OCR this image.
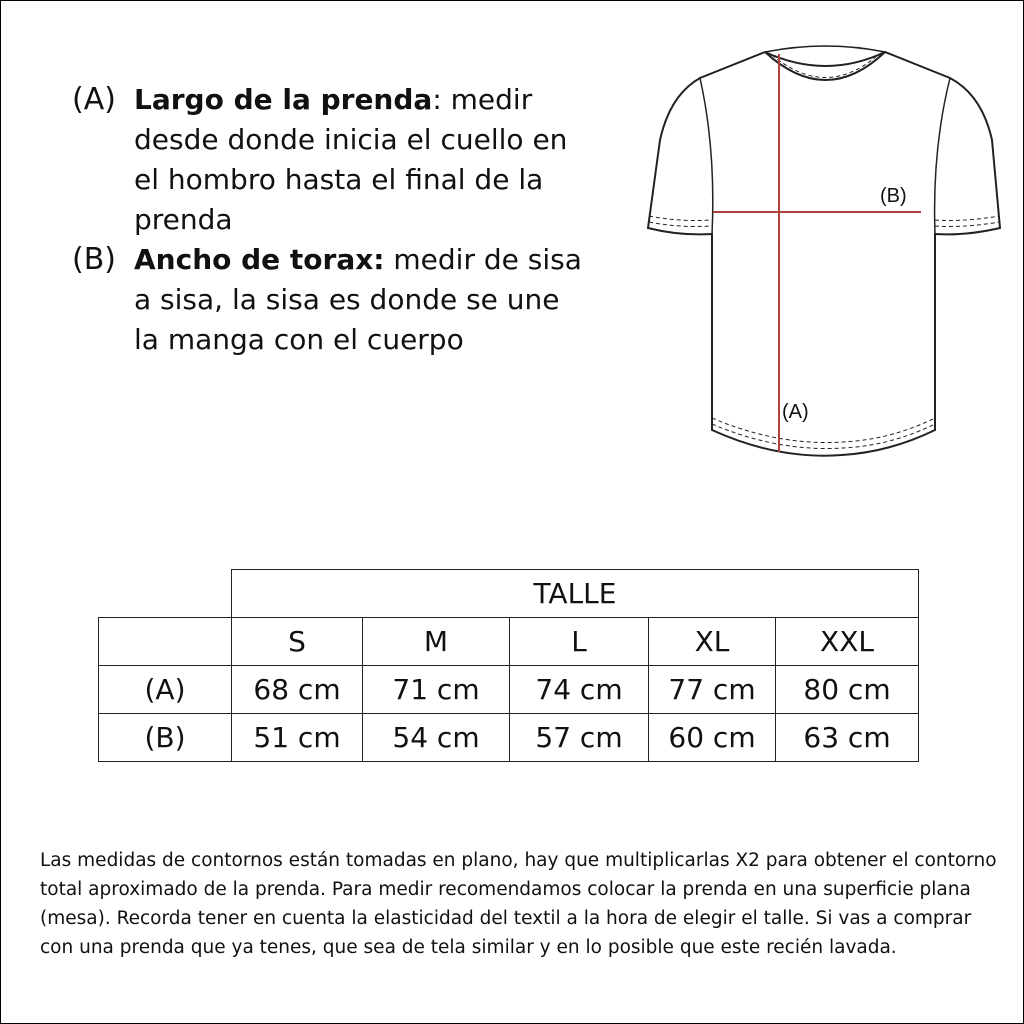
(A) Largo de la prenda: medir desde donde inicia el cuello en el hombro hasta el final de la prenda
(B) Ancho de torax: medir de sisa a sisa, la sisa es donde se une la manga con el cuerpo
(B)
(A)
	TALLE				
	S	M	L	XL	XXL
(A)	68 cm	71 cm	74 cm	77 cm	80 cm
(B)	51 cm	54 cm	57 cm	60 cm	63 cm
Las medidas de contornos están tomadas en plano, hay que multiplicarlas X2 para obtener el contorno total aproximado de la prenda. Para medir recomendamos colocar la prenda en una superficie plana (mesa). Recorda tener en cuenta la elasticidad del textil a la hora de elegir el talle. Si vas a comprar con una prenda que ya tenes, que sea de tela similar y en lo posible que este recién lavada.
